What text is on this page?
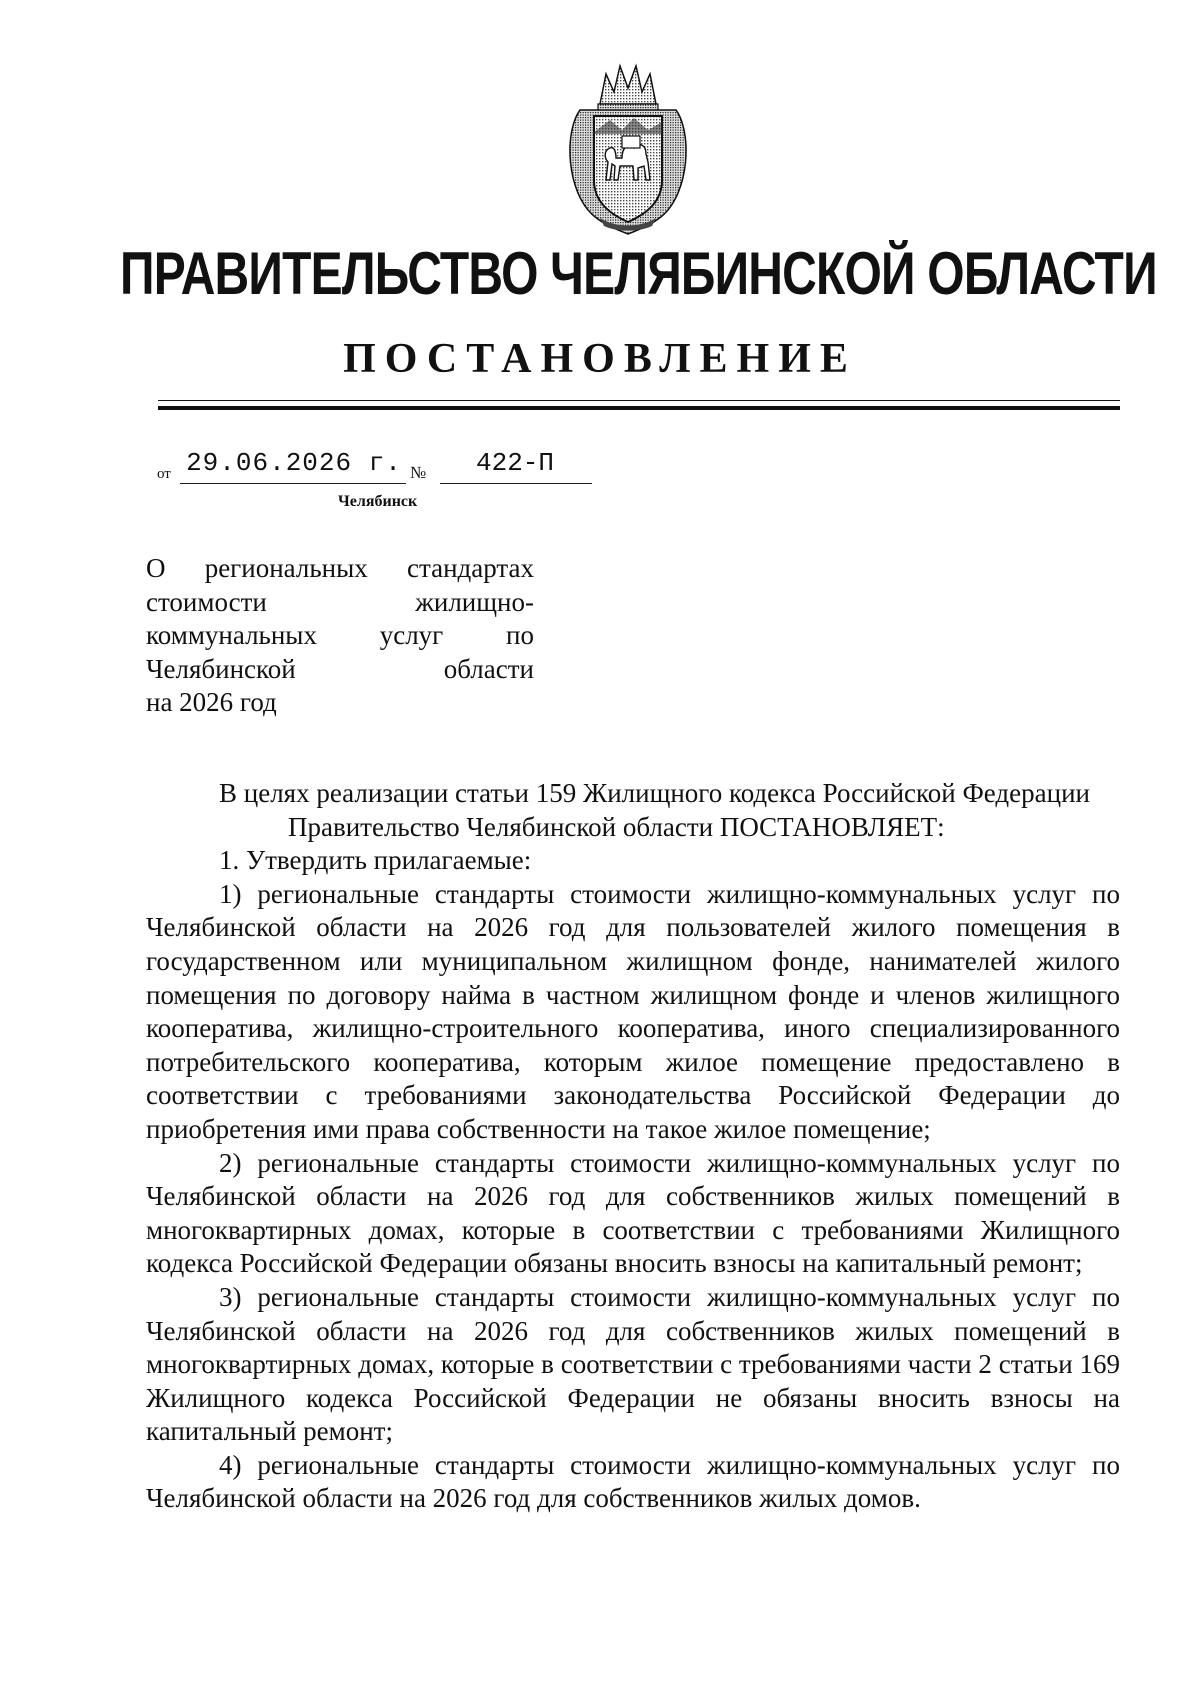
ПРАВИТЕЛЬСТВО ЧЕЛЯБИНСКОЙ ОБЛАСТИ
ПОСТАНОВЛЕНИЕ
от 29.06.2026 г. №	422-П
Челябинск
О региональных стандартах
стоимости	жилищно-
коммунальных услуг по
Челябинской	области
на 2026 год

В целях реализации статьи 159 Жилищного кодекса Российской Федерации

Правительство Челябинской области ПОСТАНОВЛЯЕТ:

1. Утвердить прилагаемые:

1) региональные стандарты стоимости жилищно-коммунальных услуг по Челябинской области на 2026 год для пользователей жилого помещения в государственном или муниципальном жилищном фонде, нанимателей жилого помещения по договору найма в частном жилищном фонде и членов жилищного кооператива, жилищно-строительного кооператива, иного специализированного потребительского кооператива, которым жилое помещение предоставлено в соответствии с требованиями законодательства Российской Федерации до приобретения ими права собственности на такое жилое помещение;

2) региональные стандарты стоимости жилищно-коммунальных услуг по Челябинской области на 2026 год для собственников жилых помещений в многоквартирных домах, которые в соответствии с требованиями Жилищного кодекса Российской Федерации обязаны вносить взносы на капитальный ремонт;

3) региональные стандарты стоимости жилищно-коммунальных услуг по Челябинской области на 2026 год для собственников жилых помещений в многоквартирных домах, которые в соответствии с требованиями части 2 статьи 169 Жилищного кодекса Российской Федерации не обязаны вносить взносы на капитальный ремонт;

4) региональные стандарты стоимости жилищно-коммунальных услуг по Челябинской области на 2026 год для собственников жилых домов.
